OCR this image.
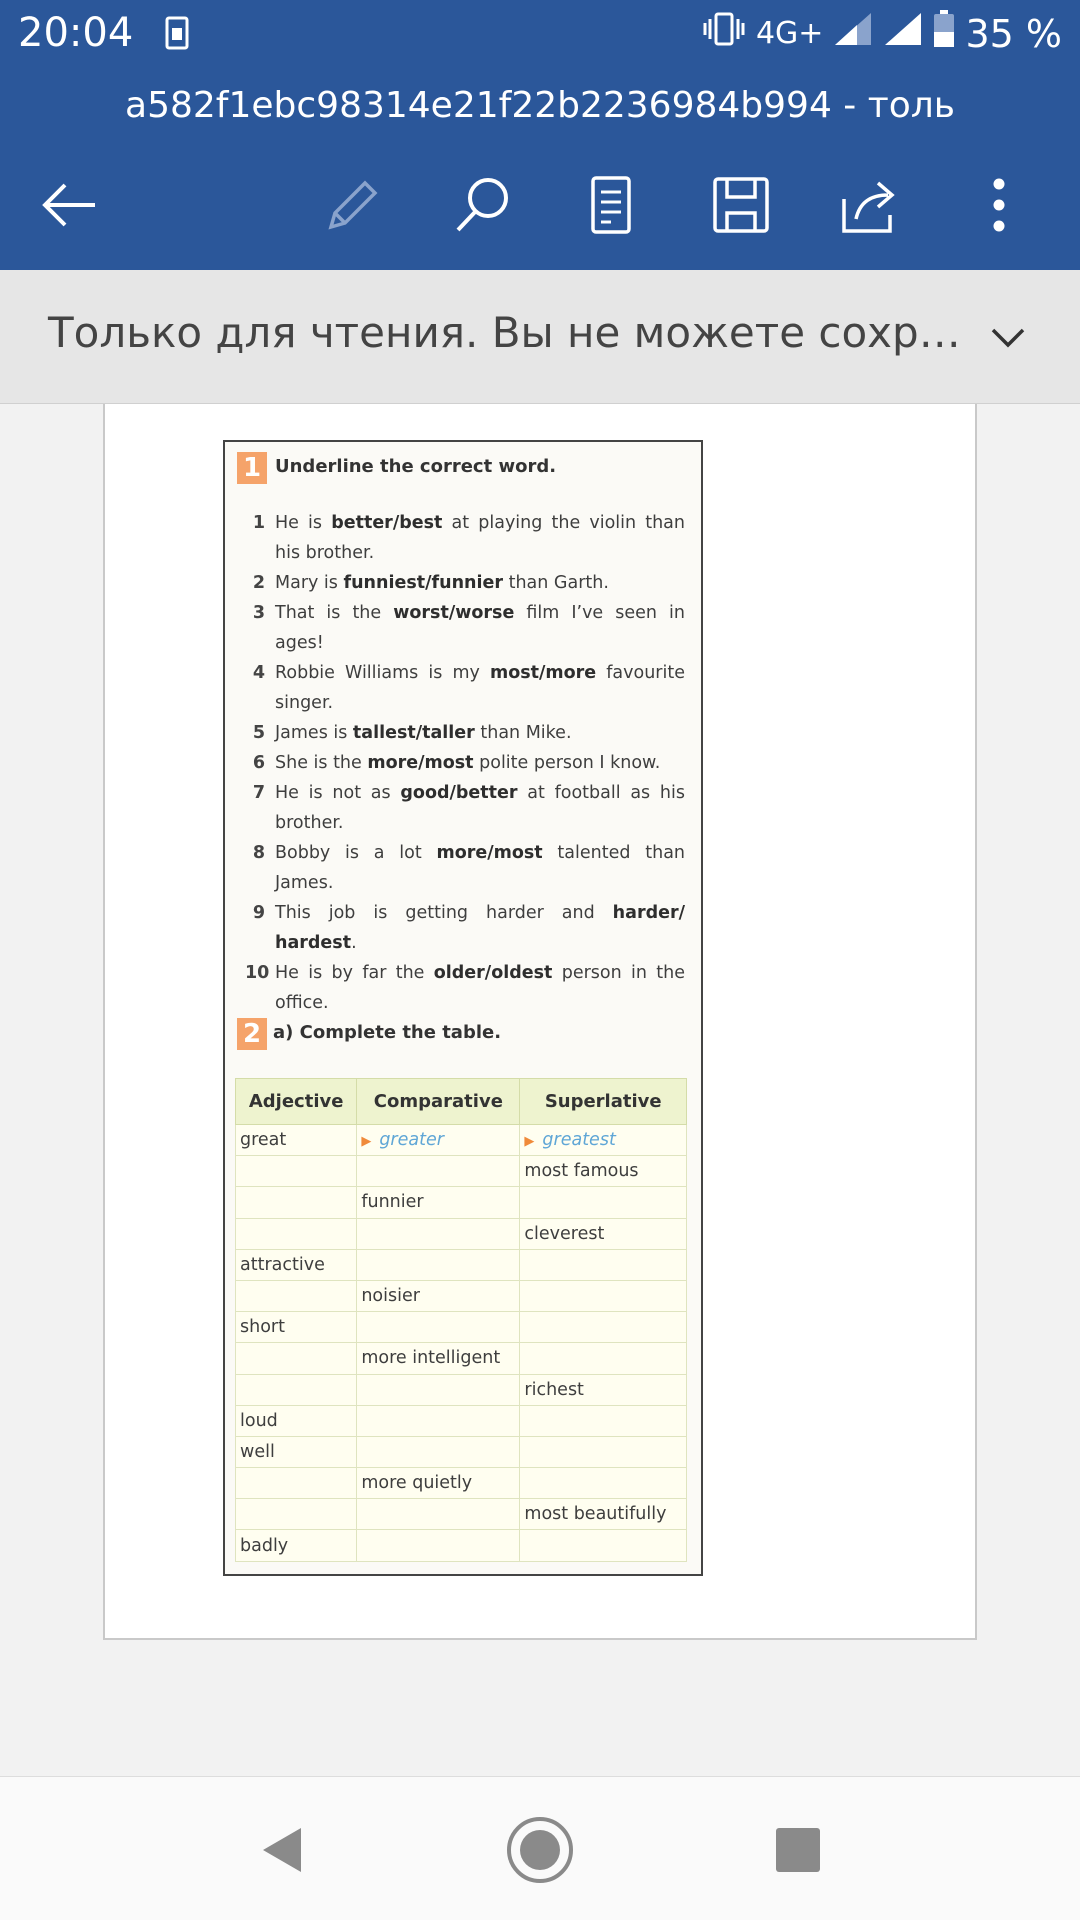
20:04	4G+	35 %
a582f1ebc98314e21f22b2236984b994 - толь
Только для чтения. Вы не можете сохр…
1 Underline the correct word.
1 He is better/best at playing the violin than his brother.
2 Mary is funniest/funnier than Garth.
3 That is the worst/worse film I’ve seen in ages!
4 Robbie Williams is my most/more favourite singer.
5 James is tallest/taller than Mike.
6 She is the more/most polite person I know.
7 He is not as good/better at football as his brother.
8 Bobby is a lot more/most talented than James.
9 This job is getting harder and harder/ hardest.
10 He is by far the older/oldest person in the office.
2 a) Complete the table.
Adjective	Comparative	Superlative
great	▶ greater	▶ greatest
		most famous
	funnier	
		cleverest
attractive		
	noisier	
short		
	more intelligent	
		richest
loud		
well		
	more quietly	
		most beautifully
badly		
